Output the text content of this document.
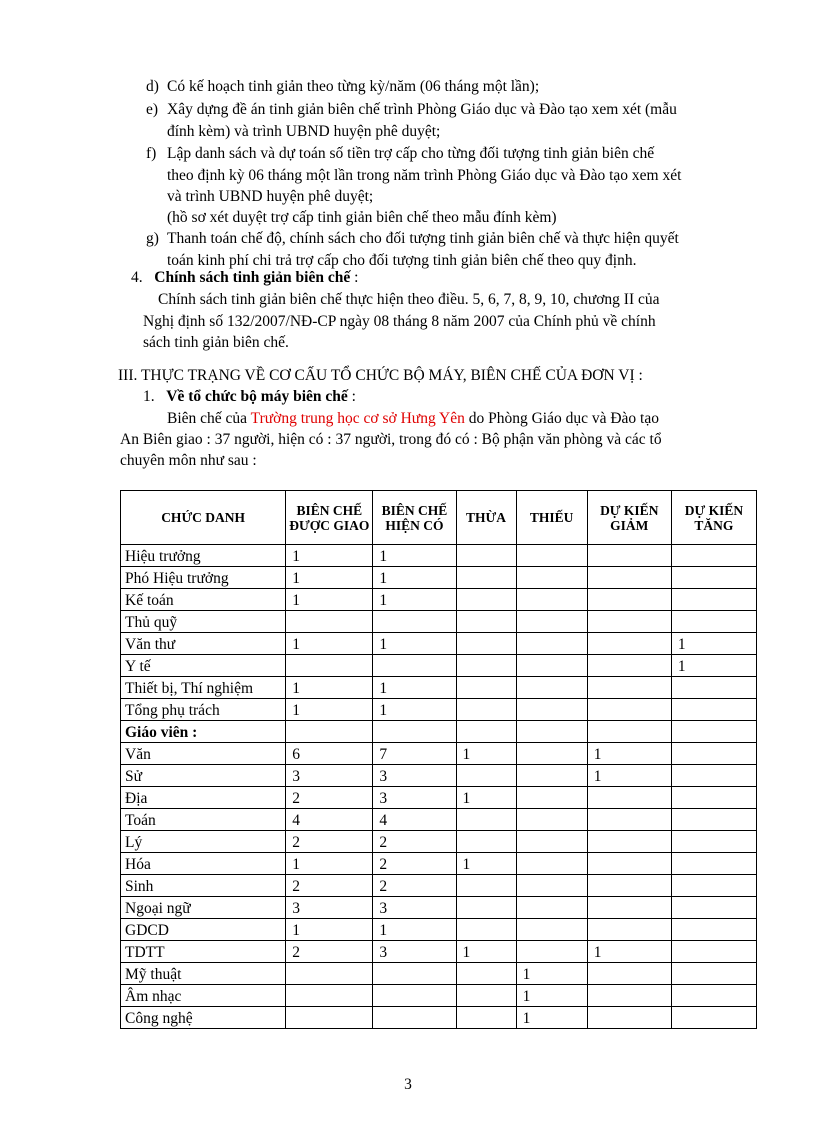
d) Có kế hoạch tinh giản theo từng kỳ/năm (06 tháng một lần);
e) Xây dựng đề án tinh giản biên chế trình Phòng Giáo dục và Đào tạo xem xét (mẫu
đính kèm) và trình UBND huyện phê duyệt;
f) Lập danh sách và dự toán số tiền trợ cấp cho từng đối tượng tinh giản biên chế
theo định kỳ 06 tháng một lần trong năm trình Phòng Giáo dục và Đào tạo xem xét
và trình UBND huyện phê duyệt;
(hồ sơ xét duyệt trợ cấp tinh giản biên chế theo mẫu đính kèm)
g) Thanh toán chế độ, chính sách cho đối tượng tinh giản biên chế và thực hiện quyết
toán kinh phí chi trả trợ cấp cho đối tượng tinh giản biên chế theo quy định.
4. Chính sách tinh giản biên chế :
Chính sách tinh giản biên chế thực hiện theo điều. 5, 6, 7, 8, 9, 10, chương II của
Nghị định số 132/2007/NĐ-CP ngày 08 tháng 8 năm 2007 của Chính phủ về chính
sách tinh giản biên chế.
III. THỰC TRẠNG VỀ CƠ CẤU TỔ CHỨC BỘ MÁY, BIÊN CHẾ CỦA ĐƠN VỊ :
1. Về tổ chức bộ máy biên chế :
Biên chế của Trường trung học cơ sở Hưng Yên do Phòng Giáo dục và Đào tạo
An Biên giao : 37 người, hiện có : 37 người, trong đó có : Bộ phận văn phòng và các tổ
chuyên môn như sau :
CHỨC DANH	BIÊN CHẾ ĐƯỢC GIAO	BIÊN CHẾ HIỆN CÓ	THỪA	THIẾU	DỰ KIẾN GIẢM	DỰ KIẾN TĂNG
Hiệu trưởng	1	1				
Phó Hiệu trưởng	1	1				
Kế toán	1	1				
Thủ quỹ						
Văn thư	1	1				1
Y tế						1
Thiết bị, Thí nghiệm	1	1				
Tổng phụ trách	1	1				
Giáo viên :						
Văn	6	7	1		1	
Sử	3	3			1	
Địa	2	3	1			
Toán	4	4				
Lý	2	2				
Hóa	1	2	1			
Sinh	2	2				
Ngoại ngữ	3	3				
GDCD	1	1				
TDTT	2	3	1		1	
Mỹ thuật				1		
Âm nhạc				1		
Công nghệ				1		
3
